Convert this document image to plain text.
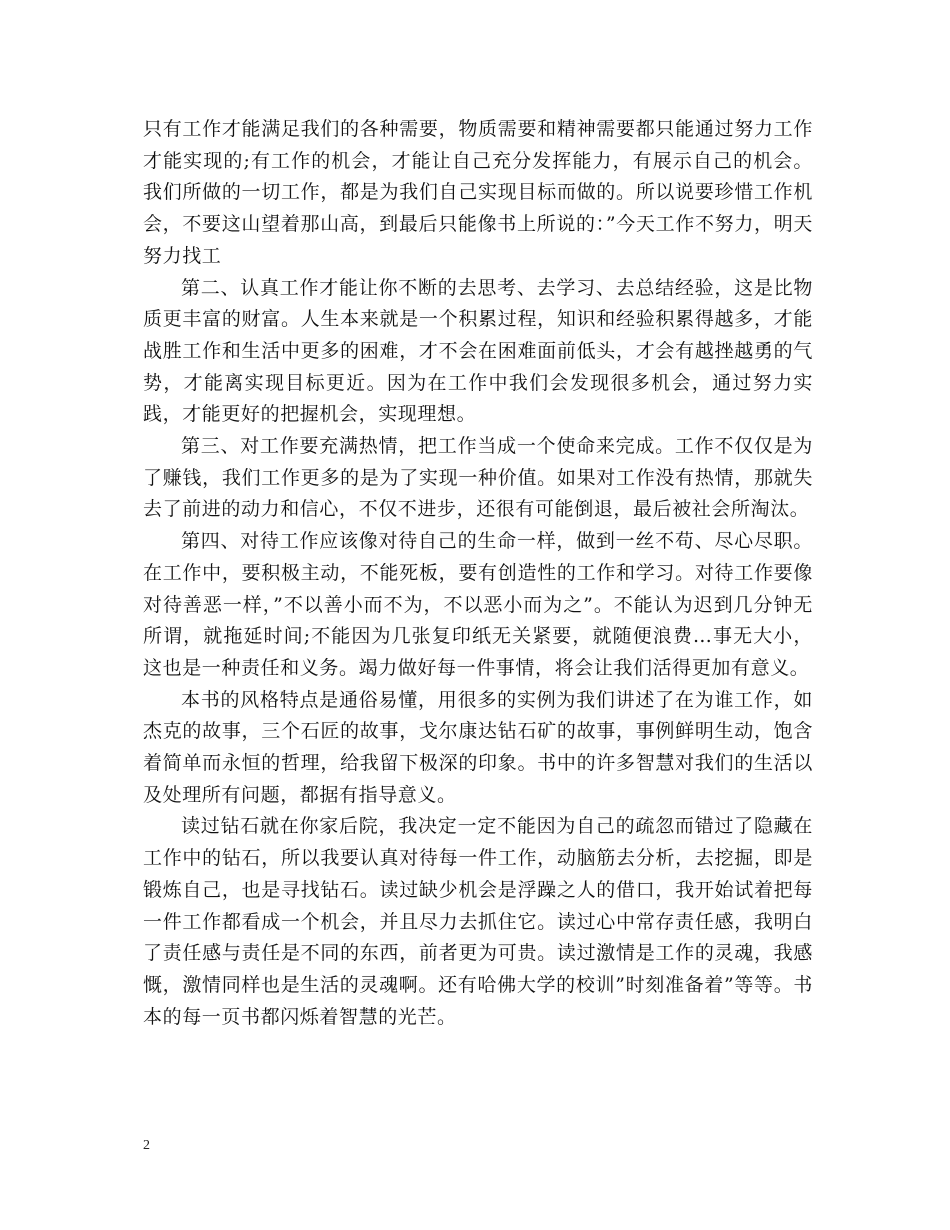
只有工作才能满足我们的各种需要，物质需要和精神需要都只能通过努力工作才能实现的;有工作的机会，才能让自己充分发挥能力，有展示自己的机会。我们所做的一切工作，都是为我们自己实现目标而做的。所以说要珍惜工作机会，不要这山望着那山高，到最后只能像书上所说的：”今天工作不努力，明天努力找工

第二、认真工作才能让你不断的去思考、去学习、去总结经验，这是比物质更丰富的财富。人生本来就是一个积累过程，知识和经验积累得越多，才能战胜工作和生活中更多的困难，才不会在困难面前低头，才会有越挫越勇的气势，才能离实现目标更近。因为在工作中我们会发现很多机会，通过努力实践，才能更好的把握机会，实现理想。

第三、对工作要充满热情，把工作当成一个使命来完成。工作不仅仅是为了赚钱，我们工作更多的是为了实现一种价值。如果对工作没有热情，那就失去了前进的动力和信心，不仅不进步，还很有可能倒退，最后被社会所淘汰。

第四、对待工作应该像对待自己的生命一样，做到一丝不苟、尽心尽职。在工作中，要积极主动，不能死板，要有创造性的工作和学习。对待工作要像对待善恶一样，”不以善小而不为，不以恶小而为之”。不能认为迟到几分钟无所谓，就拖延时间;不能因为几张复印纸无关紧要，就随便浪费…事无大小，这也是一种责任和义务。竭力做好每一件事情，将会让我们活得更加有意义。

本书的风格特点是通俗易懂，用很多的实例为我们讲述了在为谁工作，如杰克的故事，三个石匠的故事，戈尔康达钻石矿的故事，事例鲜明生动，饱含着简单而永恒的哲理，给我留下极深的印象。书中的许多智慧对我们的生活以及处理所有问题，都据有指导意义。

读过钻石就在你家后院，我决定一定不能因为自己的疏忽而错过了隐藏在工作中的钻石，所以我要认真对待每一件工作，动脑筋去分析，去挖掘，即是锻炼自己，也是寻找钻石。读过缺少机会是浮躁之人的借口，我开始试着把每一件工作都看成一个机会，并且尽力去抓住它。读过心中常存责任感，我明白了责任感与责任是不同的东西，前者更为可贵。读过激情是工作的灵魂，我感慨，激情同样也是生活的灵魂啊。还有哈佛大学的校训”时刻准备着”等等。书本的每一页书都闪烁着智慧的光芒。

2
